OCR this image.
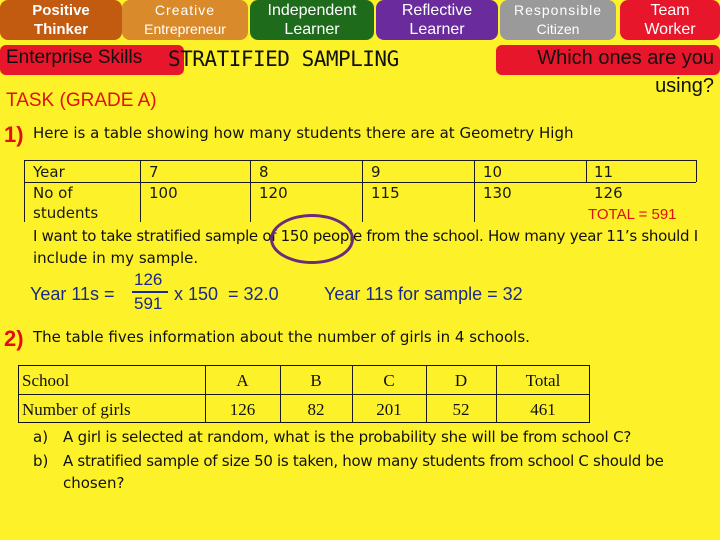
Positive
Thinker
Creative
Entrepreneur
Independent
Learner
Reflective
Learner
Responsible
Citizen
Team
Worker
Enterprise Skills STRATIFIED SAMPLING	Which ones are you using?
TASK (GRADE A)
1) Here is a table showing how many students there are at Geometry High
Year	7	8	9	10	11
No of
students
100	120	115	130	126
TOTAL = 591
I want to take stratified sample of 150 people from the school. How many year 11’s should I
include in my sample.
Year 11s =
126
591 x 150  = 32.0	Year 11s for sample = 32
2) The table fives information about the number of girls in 4 schools.
School	A	B	C	D	Total
Number of girls	126	82	201	52	461
a) A girl is selected at random, what is the probability she will be from school C?
b) A stratified sample of size 50 is taken, how many students from school C should be
chosen?
